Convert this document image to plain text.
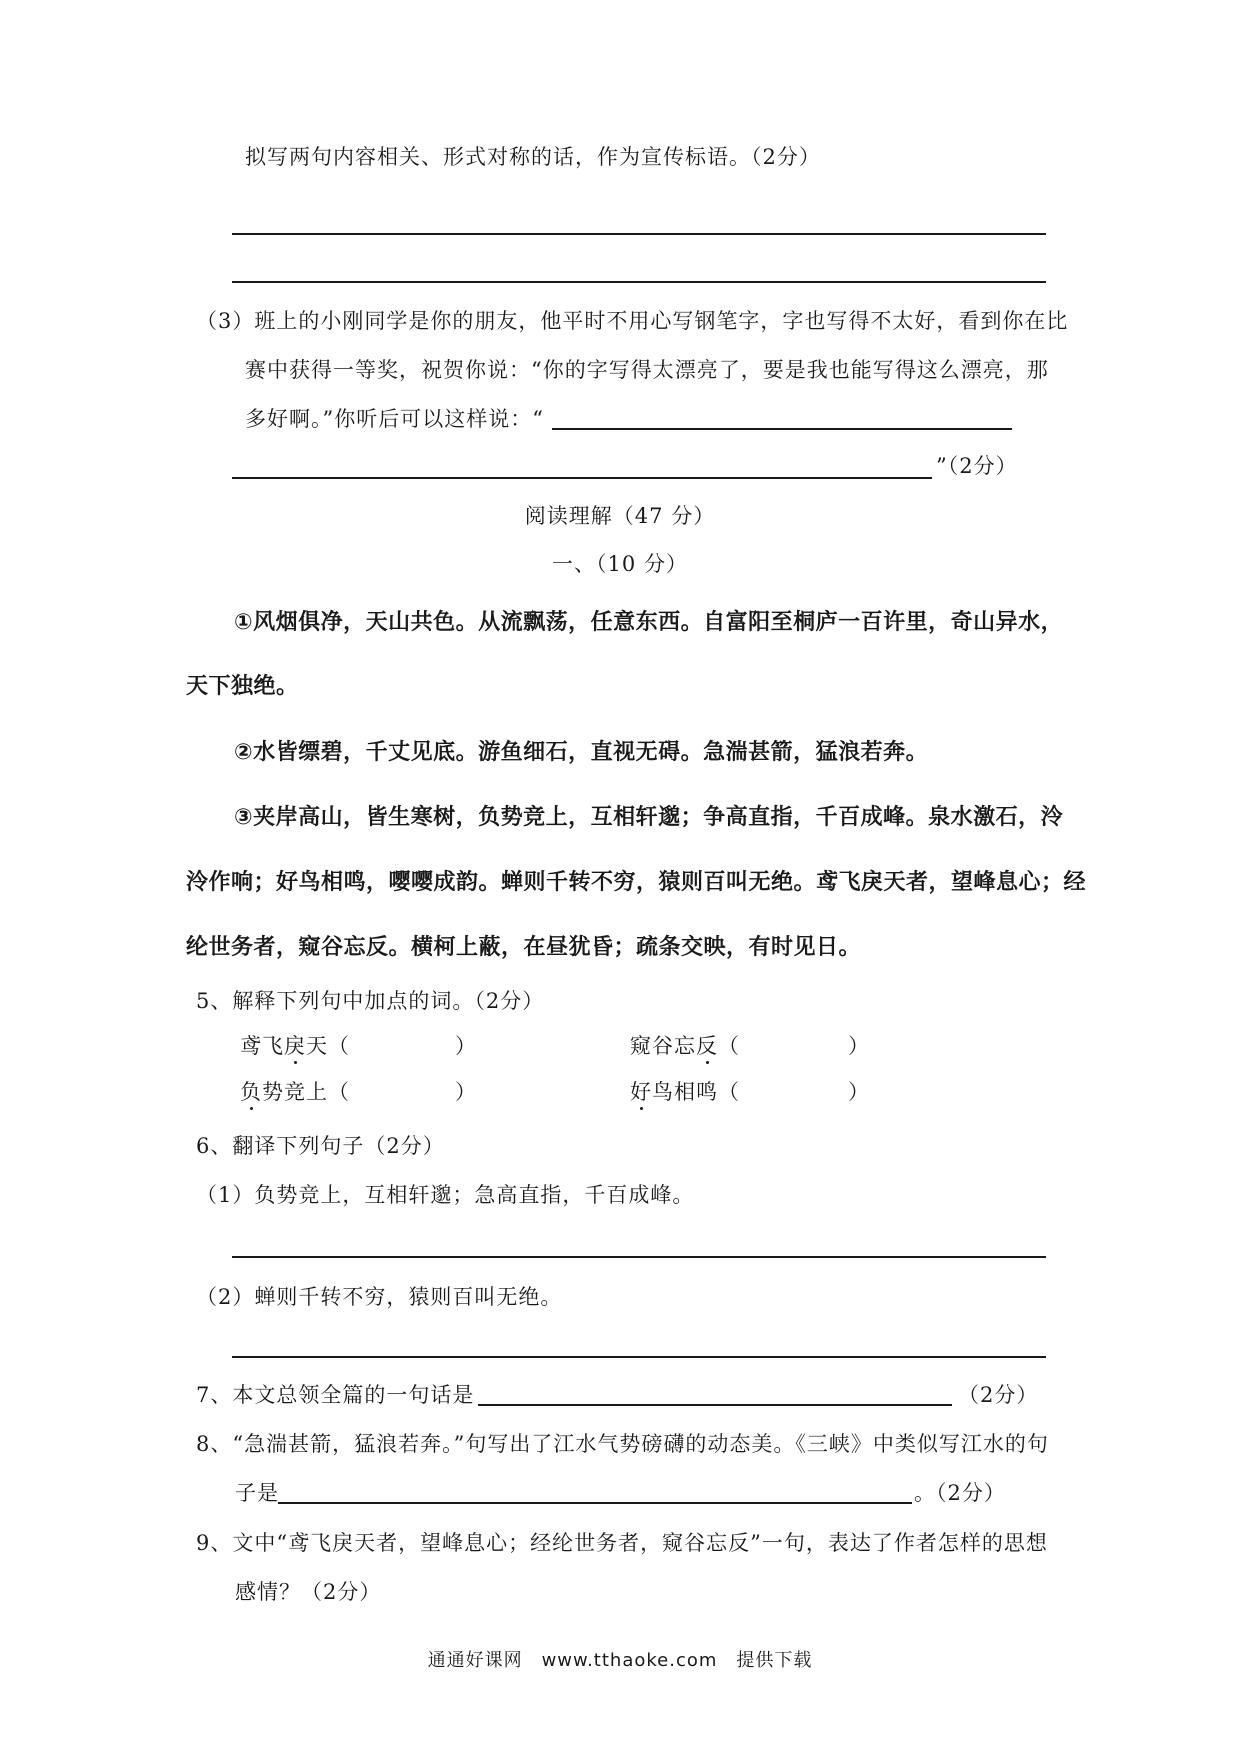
拟写两句内容相关、形式对称的话，作为宣传标语。（2分）
（3）班上的小刚同学是你的朋友，他平时不用心写钢笔字，字也写得不太好，看到你在比
赛中获得一等奖，祝贺你说：“你的字写得太漂亮了，要是我也能写得这么漂亮，那
多好啊。”你听后可以这样说：“
”（2分）
阅读理解（47 分）
一、（10 分）
①风烟俱净，天山共色。从流飘荡，任意东西。自富阳至桐庐一百许里，奇山异水，
天下独绝。
②水皆缥碧，千丈见底。游鱼细石，直视无碍。急湍甚箭，猛浪若奔。
③夹岸高山，皆生寒树，负势竞上，互相轩邈；争高直指，千百成峰。泉水激石，泠
泠作响；好鸟相鸣，嘤嘤成韵。蝉则千转不穷，猿则百叫无绝。鸢飞戾天者，望峰息心；经
纶世务者，窥谷忘反。横柯上蔽，在昼犹昏；疏条交映，有时见日。
5、解释下列句中加点的词。（2分）
鸢飞戾天（	）	窥谷忘反（	）
负势竞上（	）	好鸟相鸣（	）
6、翻译下列句子（2分）
（1）负势竞上，互相轩邈；急高直指，千百成峰。
（2）蝉则千转不穷，猿则百叫无绝。
7、本文总领全篇的一句话是	（2分）
8、“急湍甚箭，猛浪若奔。”句写出了江水气势磅礴的动态美。《三峡》中类似写江水的句
子是	。（2分）
9、文中“鸢飞戾天者，望峰息心；经纶世务者，窥谷忘反”一句，表达了作者怎样的思想
感情？（2分）
通通好课网　www.tthaoke.com　提供下载
